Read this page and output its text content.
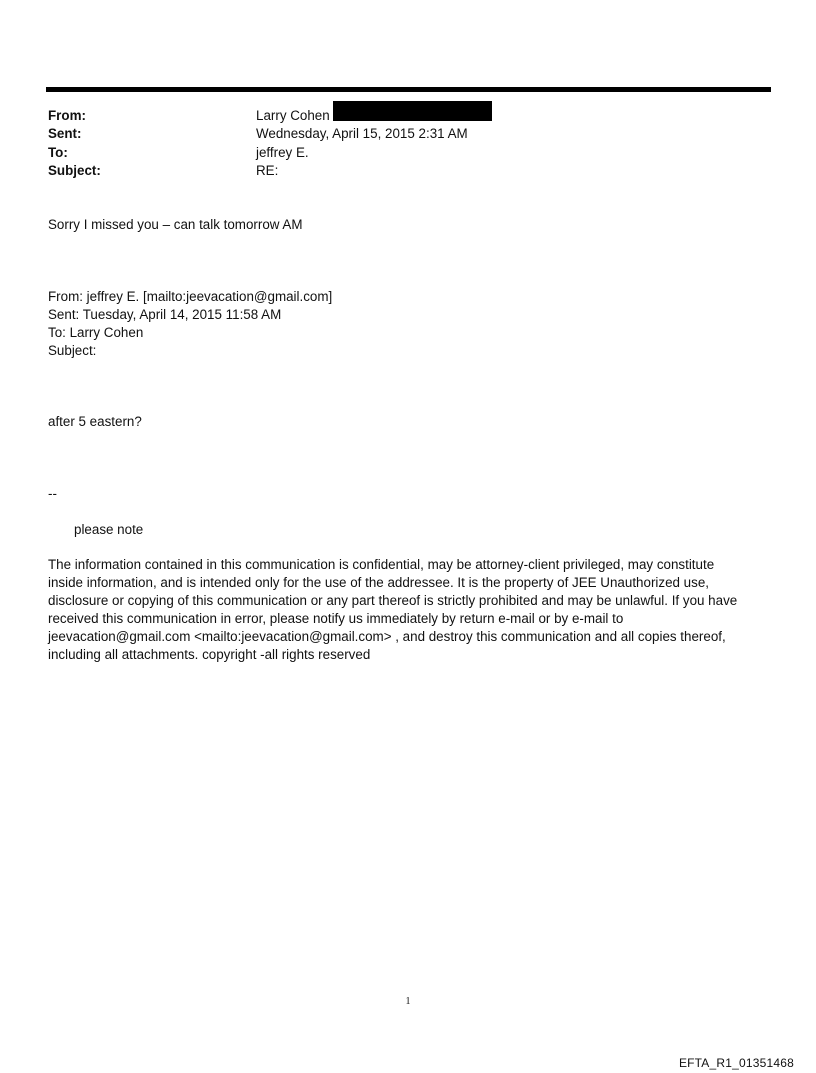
From:	Larry Cohen
Sent:	Wednesday, April 15, 2015 2:31 AM
To:	jeffrey E.
Subject:	RE:
Sorry I missed you – can talk tomorrow AM
From: jeffrey E. [mailto:jeevacation@gmail.com]
Sent: Tuesday, April 14, 2015 11:58 AM
To: Larry Cohen
Subject:
after 5 eastern?
--
please note
The information contained in this communication is confidential, may be attorney-client privileged, may constitute
inside information, and is intended only for the use of the addressee. It is the property of JEE Unauthorized use,
disclosure or copying of this communication or any part thereof is strictly prohibited and may be unlawful. If you have
received this communication in error, please notify us immediately by return e-mail or by e-mail to
jeevacation@gmail.com <mailto:jeevacation@gmail.com> , and destroy this communication and all copies thereof,
including all attachments. copyright -all rights reserved
1
EFTA_R1_01351468
